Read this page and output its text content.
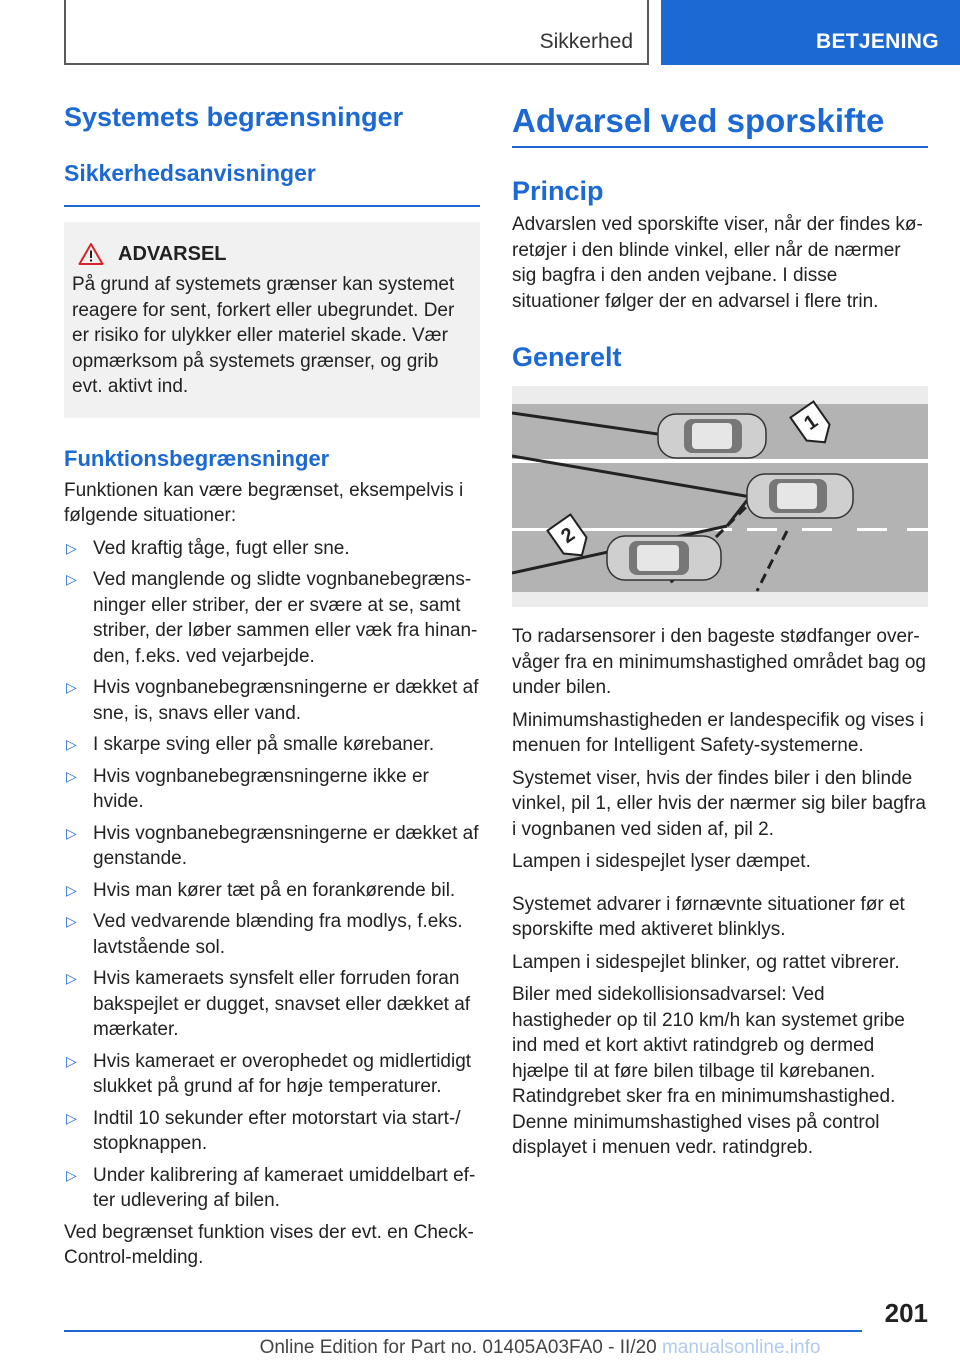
Sikkerhed	BETJENING
Systemets begrænsninger
Sikkerhedsanvisninger
ADVARSEL
På grund af systemets grænser kan systemet reagere for sent, forkert eller ubegrundet. Der er risiko for ulykker eller materiel skade. Vær opmærksom på systemets grænser, og grib evt. aktivt ind.
Funktionsbegrænsninger
Funktionen kan være begrænset, eksempelvis i følgende situationer:
▷ Ved kraftig tåge, fugt eller sne.
▷ Ved manglende og slidte vognbanebegrænsninger eller striber, der er svære at se, samt striber, der løber sammen eller væk fra hinanden, f.eks. ved vejarbejde.
▷ Hvis vognbanebegrænsningerne er dækket af sne, is, snavs eller vand.
▷ I skarpe sving eller på smalle kørebaner.
▷ Hvis vognbanebegrænsningerne ikke er hvide.
▷ Hvis vognbanebegrænsningerne er dækket af genstande.
▷ Hvis man kører tæt på en forankørende bil.
▷ Ved vedvarende blænding fra modlys, f.eks. lavtstående sol.
▷ Hvis kameraets synsfelt eller forruden foran bakspejlet er dugget, snavset eller dækket af mærkater.
▷ Hvis kameraet er overophedet og midlertidigt slukket på grund af for høje temperaturer.
▷ Indtil 10 sekunder efter motorstart via start-/ stopknappen.
▷ Under kalibrering af kameraet umiddelbart efter udlevering af bilen.
Ved begrænset funktion vises der evt. en Check-Control-melding.
Advarsel ved sporskifte
Princip
Advarslen ved sporskifte viser, når der findes køretøjer i den blinde vinkel, eller når de nærmer sig bagfra i den anden vejbane. I disse situationer følger der en advarsel i flere trin.
Generelt
1
2
To radarsensorer i den bageste stødfanger overvåger fra en minimumshastighed området bag og under bilen.
Minimumshastigheden er landespecifik og vises i menuen for Intelligent Safety-systemerne.
Systemet viser, hvis der findes biler i den blinde vinkel, pil 1, eller hvis der nærmer sig biler bagfra i vognbanen ved siden af, pil 2.
Lampen i sidespejlet lyser dæmpet.
Systemet advarer i førnævnte situationer før et sporskifte med aktiveret blinklys.
Lampen i sidespejlet blinker, og rattet vibrerer.
Biler med sidekollisionsadvarsel: Ved hastigheder op til 210 km/h kan systemet gribe ind med et kort aktivt ratindgreb og dermed hjælpe til at føre bilen tilbage til kørebanen. Ratindgrebet sker fra en minimumshastighed. Denne minimumshastighed vises på control displayet i menuen vedr. ratindgreb.
201
Online Edition for Part no. 01405A03FA0 - II/20 manualsonline.info
